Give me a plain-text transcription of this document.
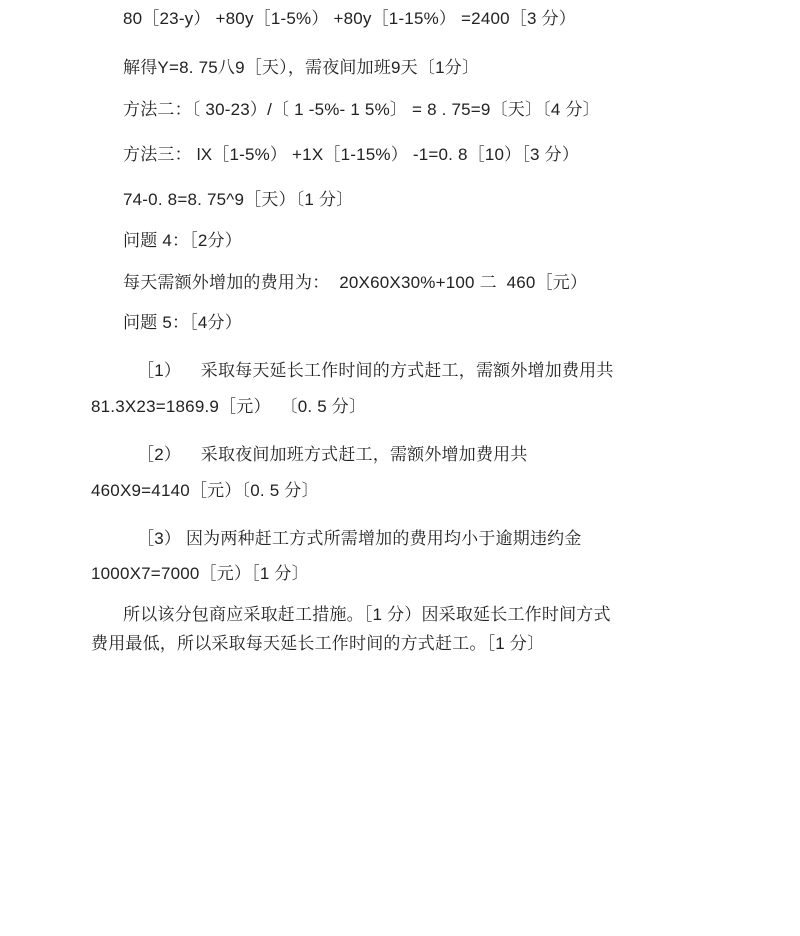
80［23-y） +80y［1-5%） +80y［1-15%） =2400［3 分）
解得Y=8. 75八9［天），需夜间加班9天〔1分〕
方法二：〔 30-23）/〔 1 -5%- 1 5%〕 = 8 . 75=9〔天〕〔4 分〕
方法三： lX［1-5%） +1X［1-15%） -1=0. 8［10）［3 分）
74-0. 8=8. 75^9［天）〔1 分〕
问题 4：［2分）
每天需额外增加的费用为：  20X60X30%+100 二  460［元）
问题 5：［4分）
［1）    采取每天延长工作时间的方式赶工，需额外增加费用共
81.3X23=1869.9［元）  〔0. 5 分〕
［2）    采取夜间加班方式赶工，需额外增加费用共
460X9=4140［元）〔0. 5 分〕
［3） 因为两种赶工方式所需增加的费用均小于逾期违约金
1000X7=7000［元）［1 分〕
所以该分包商应采取赶工措施。［1 分）因采取延长工作时间方式
费用最低，所以采取每天延长工作时间的方式赶工。［1 分〕
